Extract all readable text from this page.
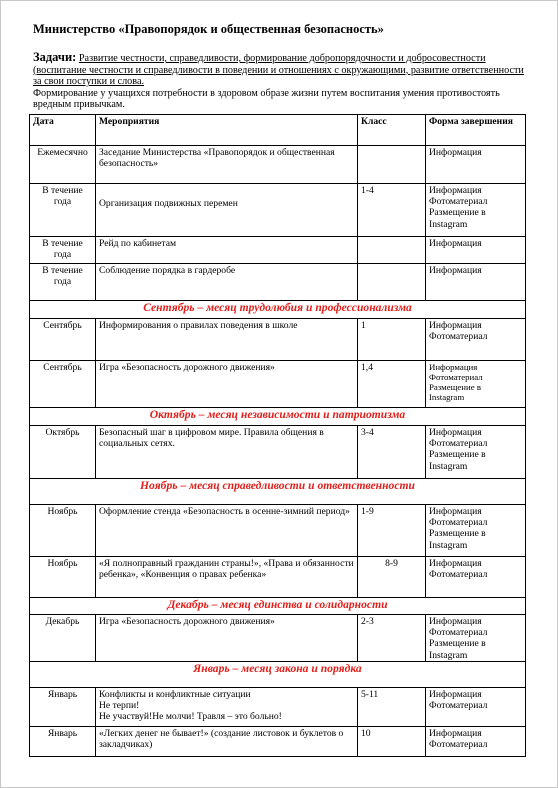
Министерство «Правопорядок и общественная безопасность»
Задачи: Развитие честности, справедливости, формирование добропорядочности и добросовестности (воспитание честности и справедливости в поведении и отношениях с окружающими, развитие ответственности за свои поступки и слова.
Формирование у учащихся потребности в здоровом образе жизни путем воспитания умения противостоять вредным привычкам.
Дата	Мероприятия	Класс	Форма завершения
Ежемесячно	Заседание Министерства «Правопорядок и общественная безопасность»		Информация

В течение года	Организация подвижных перемен	1-4	Информация
Фотоматериал
Размещение в Instagram

В течение года	Рейд по кабинетам		Информация

В течение года	Соблюдение порядка в гардеробе		Информация

Сентябрь – месяц трудолюбия и профессионализма			
Сентябрь	Информирования о правилах поведения в школе	1	Информация
Фотоматериал

Сентябрь	Игра «Безопасность дорожного движения»	1,4	Информация
Фотоматериал
Размещение в
Instagram

Октябрь – месяц независимости и патриотизма			
Октябрь	Безопасный шаг в цифровом мире. Правила общения в социальных сетях.	3-4	Информация
Фотоматериал
Размещение в Instagram

Ноябрь – месяц справедливости и ответственности			
Ноябрь	Оформление стенда «Безопасность в осенне-зимний период»	1-9	Информация
Фотоматериал
Размещение в Instagram

Ноябрь	«Я полноправный гражданин страны!», «Права и обязанности ребенка», «Конвенция о правах ребенка»	8-9	Информация
Фотоматериал

Декабрь – месяц единства и солидарности			
Декабрь	Игра «Безопасность дорожного движения»	2-3	Информация
Фотоматериал
Размещение в Instagram

Январь – месяц закона и порядка			
Январь	Конфликты и конфликтные ситуации
Не терпи!
Не участвуй!Не молчи! Травля – это больно!	5-11	Информация
Фотоматериал

Январь	«Легких денег не бывает!» (создание листовок и буклетов о закладчиках)	10	Информация
Фотоматериал
